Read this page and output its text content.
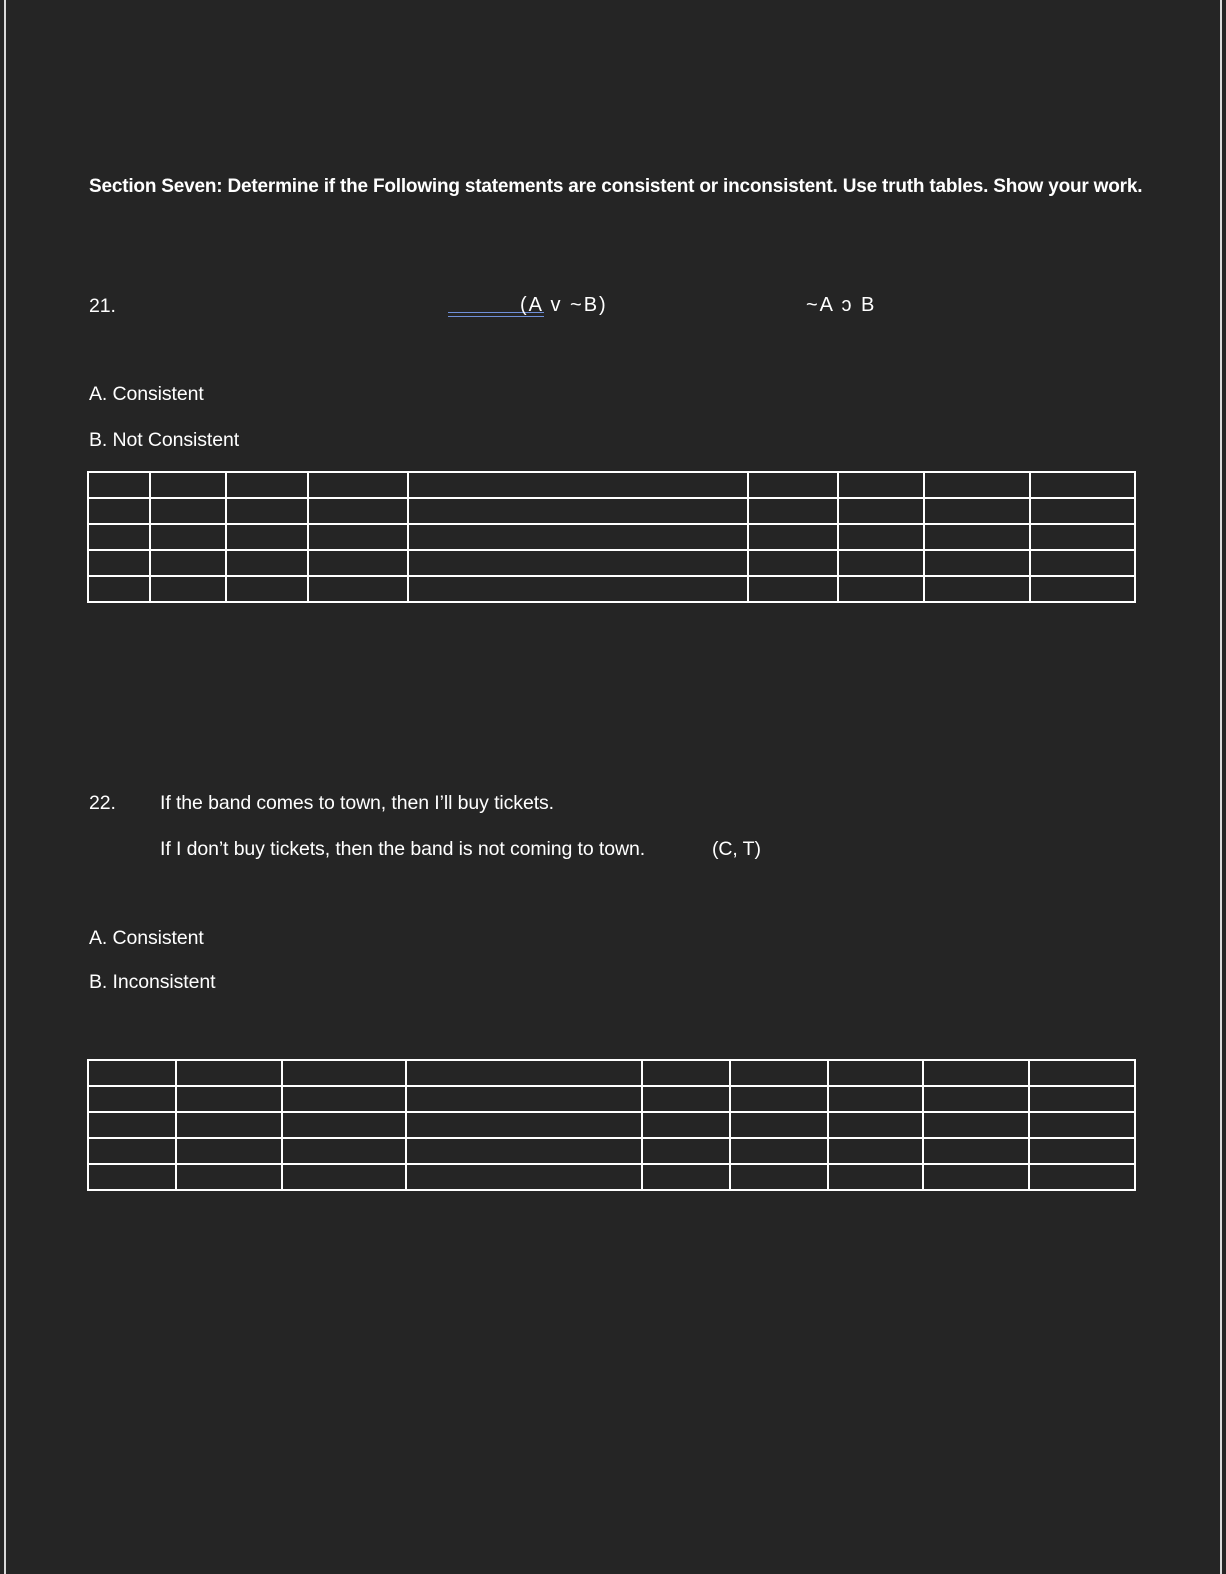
Section Seven: Determine if the Following statements are consistent or inconsistent. Use truth tables. Show your work.
21.	(A v ~B)	~A ɔ B
A. Consistent
B. Not Consistent

22. If the band comes to town, then I’ll buy tickets.
If I don’t buy tickets, then the band is not coming to town.	(C, T)
A. Consistent
B. Inconsistent
